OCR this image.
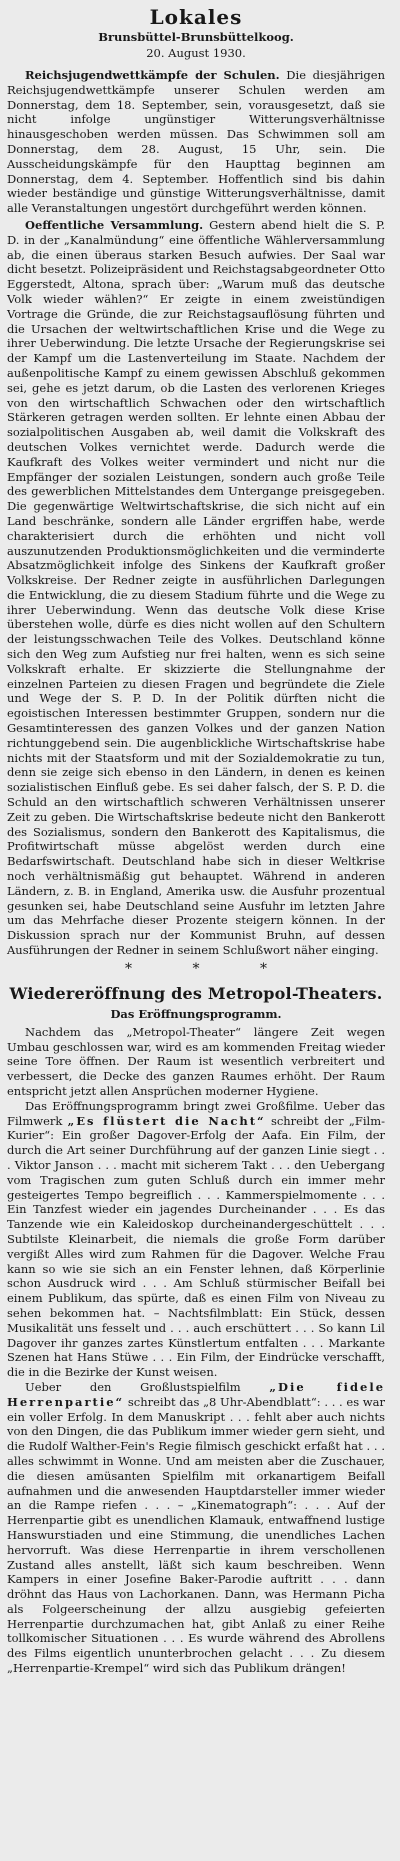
Lokales
Brunsbüttel-Brunsbüttelkoog.
20. August 1930.

Reichsjugendwettkämpfe der Schulen. Die diesjährigen Reichsjugendwettkämpfe unserer Schulen werden am Donnerstag, dem 18. September, sein, vorausgesetzt, daß sie nicht infolge ungünstiger Witterungsverhältnisse hinausgeschoben werden müssen. Das Schwimmen soll am Donnerstag, dem 28. August, 15 Uhr, sein. Die Ausscheidungskämpfe für den Haupttag beginnen am Donnerstag, dem 4. September. Hoffentlich sind bis dahin wieder beständige und günstige Witterungsverhältnisse, damit alle Veranstaltungen ungestört durchgeführt werden können.

Oeffentliche Versammlung. Gestern abend hielt die S. P. D. in der „Kanalmündung“ eine öffentliche Wählerversammlung ab, die einen überaus starken Besuch aufwies. Der Saal war dicht besetzt. Polizeipräsident und Reichstagsabgeordneter Otto Eggerstedt, Altona, sprach über: „Warum muß das deutsche Volk wieder wählen?“ Er zeigte in einem zweistündigen Vortrage die Gründe, die zur Reichstagsauflösung führten und die Ursachen der weltwirtschaftlichen Krise und die Wege zu ihrer Ueberwindung. Die letzte Ursache der Regierungskrise sei der Kampf um die Lastenverteilung im Staate. Nachdem der außenpolitische Kampf zu einem gewissen Abschluß gekommen sei, gehe es jetzt darum, ob die Lasten des verlorenen Krieges von den wirtschaftlich Schwachen oder den wirtschaftlich Stärkeren getragen werden sollten. Er lehnte einen Abbau der sozialpolitischen Ausgaben ab, weil damit die Volkskraft des deutschen Volkes vernichtet werde. Dadurch werde die Kaufkraft des Volkes weiter vermindert und nicht nur die Empfänger der sozialen Leistungen, sondern auch große Teile des gewerblichen Mittelstandes dem Untergange preisgegeben. Die gegenwärtige Weltwirtschaftskrise, die sich nicht auf ein Land beschränke, sondern alle Länder ergriffen habe, werde charakterisiert durch die erhöhten und nicht voll auszunutzenden Produktionsmöglichkeiten und die verminderte Absatzmöglichkeit infolge des Sinkens der Kaufkraft großer Volkskreise. Der Redner zeigte in ausführlichen Darlegungen die Entwicklung, die zu diesem Stadium führte und die Wege zu ihrer Ueberwindung. Wenn das deutsche Volk diese Krise überstehen wolle, dürfe es dies nicht wollen auf den Schultern der leistungsschwachen Teile des Volkes. Deutschland könne sich den Weg zum Aufstieg nur frei halten, wenn es sich seine Volkskraft erhalte. Er skizzierte die Stellungnahme der einzelnen Parteien zu diesen Fragen und begründete die Ziele und Wege der S. P. D. In der Politik dürften nicht die egoistischen Interessen bestimmter Gruppen, sondern nur die Gesamtinteressen des ganzen Volkes und der ganzen Nation richtunggebend sein. Die augenblickliche Wirtschaftskrise habe nichts mit der Staatsform und mit der Sozialdemokratie zu tun, denn sie zeige sich ebenso in den Ländern, in denen es keinen sozialistischen Einfluß gebe. Es sei daher falsch, der S. P. D. die Schuld an den wirtschaftlich schweren Verhältnissen unserer Zeit zu geben. Die Wirtschaftskrise bedeute nicht den Bankerott des Sozialismus, sondern den Bankerott des Kapitalismus, die Profitwirtschaft müsse abgelöst werden durch eine Bedarfswirtschaft. Deutschland habe sich in dieser Weltkrise noch verhältnismäßig gut behauptet. Während in anderen Ländern, z. B. in England, Amerika usw. die Ausfuhr prozentual gesunken sei, habe Deutschland seine Ausfuhr im letzten Jahre um das Mehrfache dieser Prozente steigern können. In der Diskussion sprach nur der Kommunist Bruhn, auf dessen Ausführungen der Redner in seinem Schlußwort näher einging.

* * *
Wiedereröffnung des Metropol-Theaters.
Das Eröffnungsprogramm.

Nachdem das „Metropol-Theater“ längere Zeit wegen Umbau geschlossen war, wird es am kommenden Freitag wieder seine Tore öffnen. Der Raum ist wesentlich verbreitert und verbessert, die Decke des ganzen Raumes erhöht. Der Raum entspricht jetzt allen Ansprüchen moderner Hygiene.

Das Eröffnungsprogramm bringt zwei Großfilme. Ueber das Filmwerk „Es flüstert die Nacht“ schreibt der „Film-Kurier“: Ein großer Dagover-Erfolg der Aafa. Ein Film, der durch die Art seiner Durchführung auf der ganzen Linie siegt . . . Viktor Janson . . . macht mit sicherem Takt . . . den Uebergang vom Tragischen zum guten Schluß durch ein immer mehr gesteigertes Tempo begreiflich . . . Kammerspielmomente . . . Ein Tanzfest wieder ein jagendes Durcheinander . . . Es das Tanzende wie ein Kaleidoskop durcheinandergeschüttelt . . . Subtilste Kleinarbeit, die niemals die große Form darüber vergißt Alles wird zum Rahmen für die Dagover. Welche Frau kann so wie sie sich an ein Fenster lehnen, daß Körperlinie schon Ausdruck wird . . . Am Schluß stürmischer Beifall bei einem Publikum, das spürte, daß es einen Film von Niveau zu sehen bekommen hat. – Nachtsfilmblatt: Ein Stück, dessen Musikalität uns fesselt und . . . auch erschüttert . . . So kann Lil Dagover ihr ganzes zartes Künstlertum entfalten . . . Markante Szenen hat Hans Stüwe . . . Ein Film, der Eindrücke verschafft, die in die Bezirke der Kunst weisen.

Ueber den Großlustspielfilm „Die fidele Herrenpartie“ schreibt das „8 Uhr-Abendblatt“: . . . es war ein voller Erfolg. In dem Manuskript . . . fehlt aber auch nichts von den Dingen, die das Publikum immer wieder gern sieht, und die Rudolf Walther-Fein's Regie filmisch geschickt erfaßt hat . . . alles schwimmt in Wonne. Und am meisten aber die Zuschauer, die diesen amüsanten Spielfilm mit orkanartigem Beifall aufnahmen und die anwesenden Hauptdarsteller immer wieder an die Rampe riefen . . . – „Kinematograph“: . . . Auf der Herrenpartie gibt es unendlichen Klamauk, entwaffnend lustige Hanswurstiaden und eine Stimmung, die unendliches Lachen hervorruft. Was diese Herrenpartie in ihrem verschollenen Zustand alles anstellt, läßt sich kaum beschreiben. Wenn Kampers in einer Josefine Baker-Parodie auftritt . . . dann dröhnt das Haus von Lachorkanen. Dann, was Hermann Picha als Folgeerscheinung der allzu ausgiebig gefeierten Herrenpartie durchzumachen hat, gibt Anlaß zu einer Reihe tollkomischer Situationen . . . Es wurde während des Abrollens des Films eigentlich ununterbrochen gelacht . . . Zu diesem „Herrenpartie-Krempel“ wird sich das Publikum drängen!
